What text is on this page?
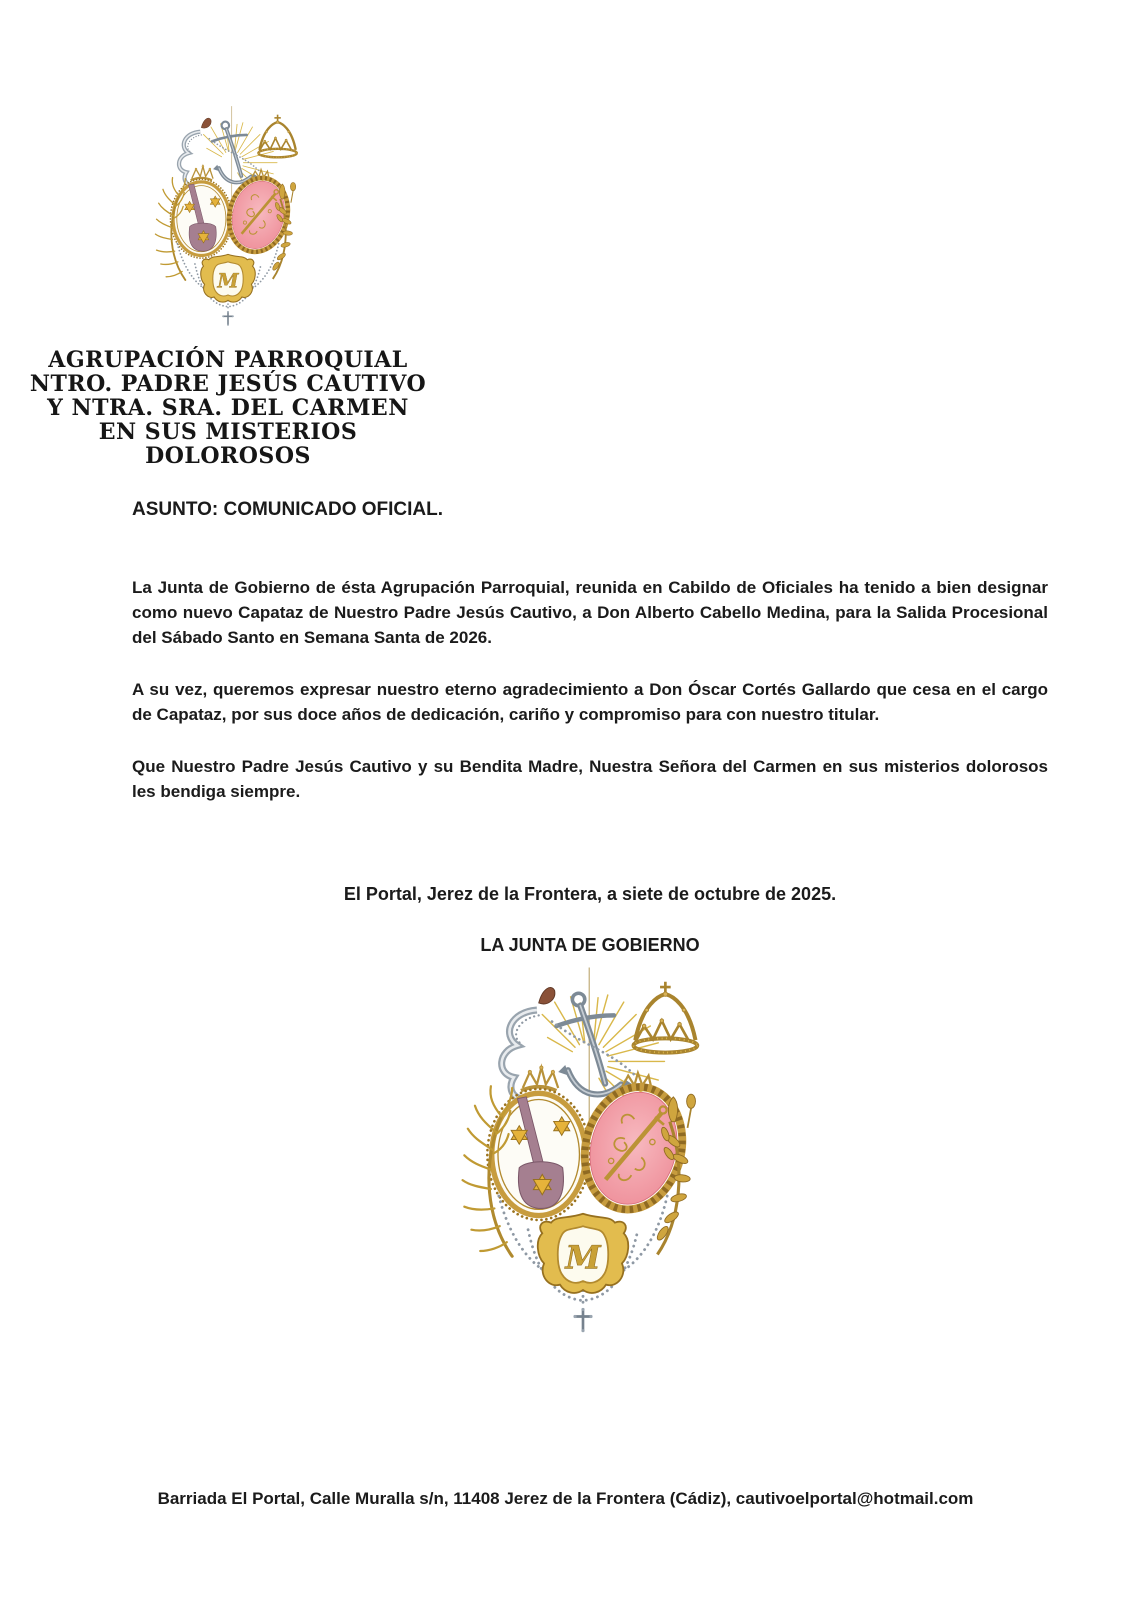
AGRUPACIÓN PARROQUIAL
NTRO. PADRE JESÚS CAUTIVO
Y NTRA. SRA. DEL CARMEN
EN SUS MISTERIOS DOLOROSOS
ASUNTO: COMUNICADO OFICIAL.

La Junta de Gobierno de ésta Agrupación Parroquial, reunida en Cabildo de Oficiales ha tenido a bien designar como nuevo Capataz de Nuestro Padre Jesús Cautivo, a Don Alberto Cabello Medina, para la Salida Procesional del Sábado Santo en Semana Santa de 2026.

A su vez, queremos expresar nuestro eterno agradecimiento a Don Óscar Cortés Gallardo que cesa en el cargo de Capataz, por sus doce años de dedicación, cariño y compromiso para con nuestro titular.

Que Nuestro Padre Jesús Cautivo y su Bendita Madre, Nuestra Señora del Carmen en sus misterios dolorosos les bendiga siempre.

El Portal, Jerez de la Frontera, a siete de octubre de 2025.
LA JUNTA DE GOBIERNO
Barriada El Portal, Calle Muralla s/n, 11408 Jerez de la Frontera (Cádiz), cautivoelportal@hotmail.com
